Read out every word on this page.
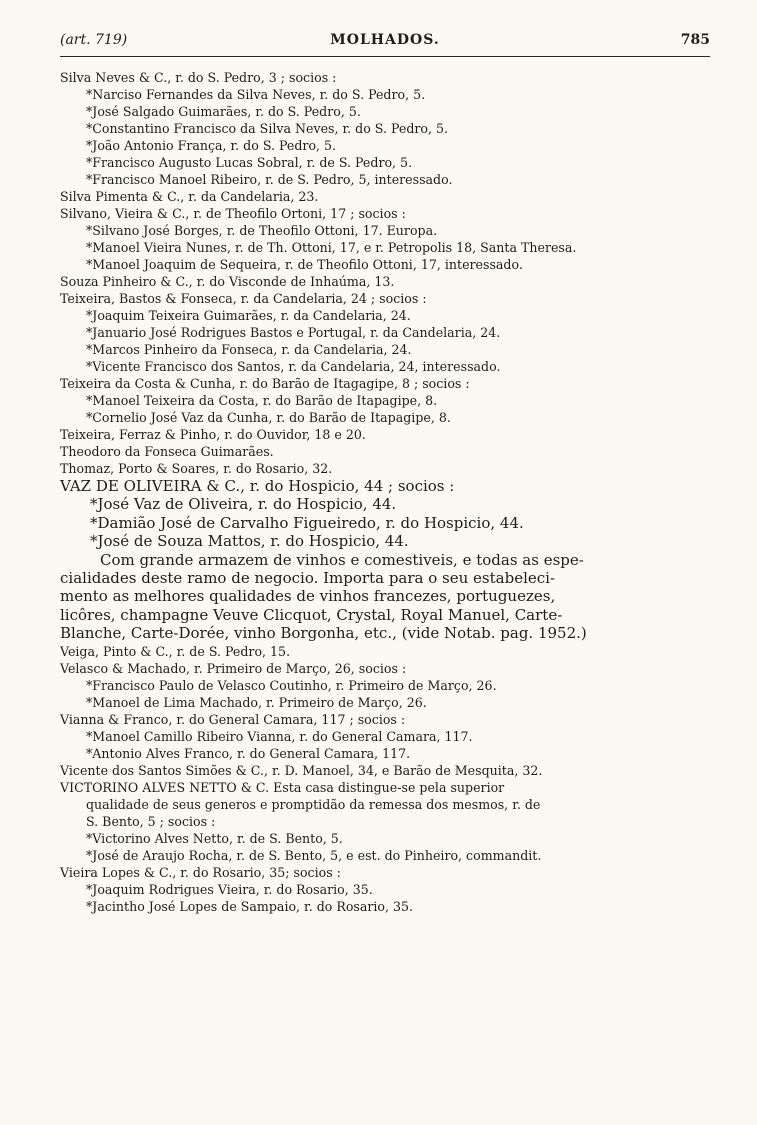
(art. 719)	MOLHADOS.	785
Silva Neves & C., r. do S. Pedro, 3 ; socios :
*Narciso Fernandes da Silva Neves, r. do S. Pedro, 5.
*José Salgado Guimarães, r. do S. Pedro, 5.
*Constantino Francisco da Silva Neves, r. do S. Pedro, 5.
*João Antonio França, r. do S. Pedro, 5.
*Francisco Augusto Lucas Sobral, r. de S. Pedro, 5.
*Francisco Manoel Ribeiro, r. de S. Pedro, 5, interessado.
Silva Pimenta & C., r. da Candelaria, 23.
Silvano, Vieira & C., r. de Theofilo Ortoni, 17 ; socios :
*Silvano José Borges, r. de Theofilo Ottoni, 17. Europa.
*Manoel Vieira Nunes, r. de Th. Ottoni, 17, e r. Petropolis 18, Santa Theresa.
*Manoel Joaquim de Sequeira, r. de Theofilo Ottoni, 17, interessado.
Souza Pinheiro & C., r. do Visconde de Inhaúma, 13.
Teixeira, Bastos & Fonseca, r. da Candelaria, 24 ; socios :
*Joaquim Teixeira Guimarães, r. da Candelaria, 24.
*Januario José Rodrigues Bastos e Portugal, r. da Candelaria, 24.
*Marcos Pinheiro da Fonseca, r. da Candelaria, 24.
*Vicente Francisco dos Santos, r. da Candelaria, 24, interessado.
Teixeira da Costa & Cunha, r. do Barão de Itagagipe, 8 ; socios :
*Manoel Teixeira da Costa, r. do Barão de Itapagipe, 8.
*Cornelio José Vaz da Cunha, r. do Barão de Itapagipe, 8.
Teixeira, Ferraz & Pinho, r. do Ouvidor, 18 e 20.
Theodoro da Fonseca Guimarães.
Thomaz, Porto & Soares, r. do Rosario, 32.
VAZ DE OLIVEIRA & C., r. do Hospicio, 44 ; socios :
*José Vaz de Oliveira, r. do Hospicio, 44.
*Damião José de Carvalho Figueiredo, r. do Hospicio, 44.
*José de Souza Mattos, r. do Hospicio, 44.
Com grande armazem de vinhos e comestiveis, e todas as espe-
cialidades deste ramo de negocio. Importa para o seu estabeleci-
mento as melhores qualidades de vinhos francezes, portuguezes,
licôres, champagne Veuve Clicquot, Crystal, Royal Manuel, Carte-
Blanche, Carte-Dorée, vinho Borgonha, etc., (vide Notab. pag. 1952.)
Veiga, Pinto & C., r. de S. Pedro, 15.
Velasco & Machado, r. Primeiro de Março, 26, socios :
*Francisco Paulo de Velasco Coutinho, r. Primeiro de Março, 26.
*Manoel de Lima Machado, r. Primeiro de Março, 26.
Vianna & Franco, r. do General Camara, 117 ; socios :
*Manoel Camillo Ribeiro Vianna, r. do General Camara, 117.
*Antonio Alves Franco, r. do General Camara, 117.
Vicente dos Santos Simões & C., r. D. Manoel, 34, e Barão de Mesquita, 32.
VICTORINO ALVES NETTO & C. Esta casa distingue-se pela superior
qualidade de seus generos e promptidão da remessa dos mesmos, r. de
S. Bento, 5 ; socios :
*Victorino Alves Netto, r. de S. Bento, 5.
*José de Araujo Rocha, r. de S. Bento, 5, e est. do Pinheiro, commandit.
Vieira Lopes & C., r. do Rosario, 35; socios :
*Joaquim Rodrigues Vieira, r. do Rosario, 35.
*Jacintho José Lopes de Sampaio, r. do Rosario, 35.
